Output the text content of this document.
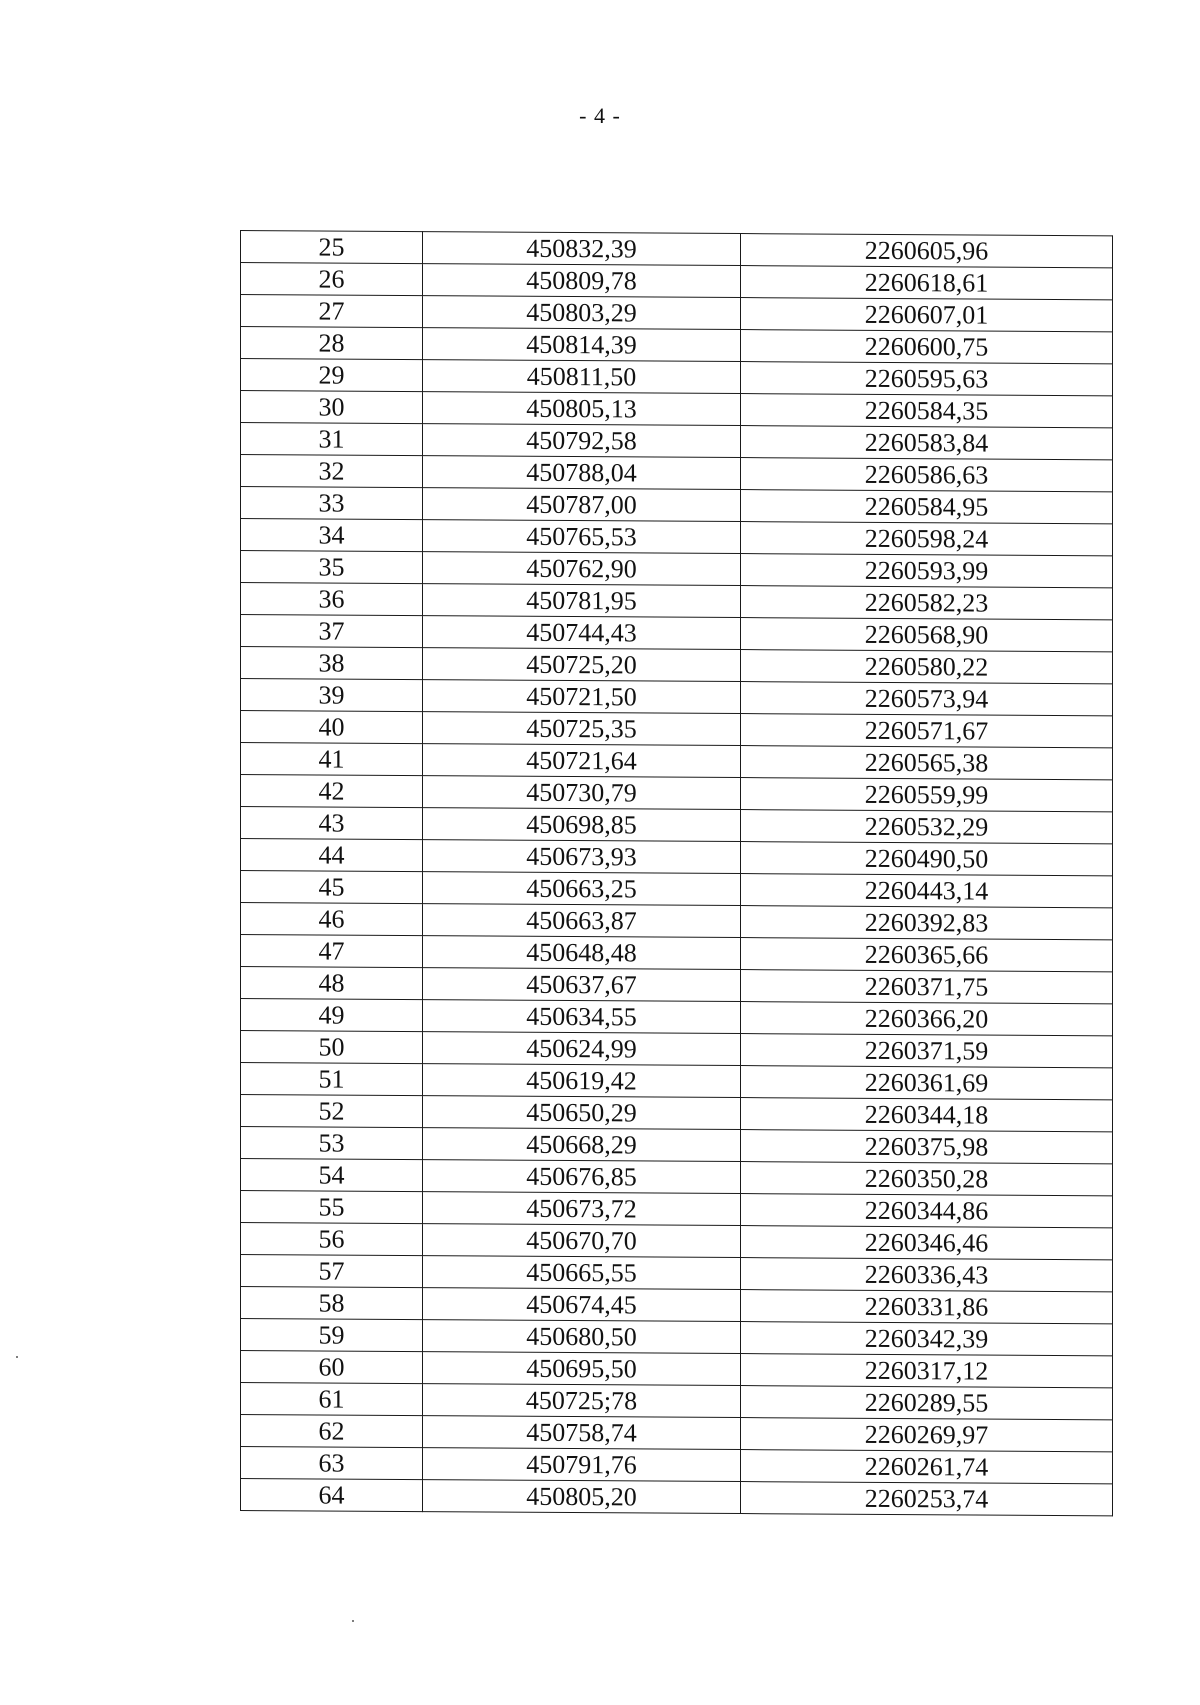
- 4 -
25	450832,39	2260605,96
26	450809,78	2260618,61
27	450803,29	2260607,01
28	450814,39	2260600,75
29	450811,50	2260595,63
30	450805,13	2260584,35
31	450792,58	2260583,84
32	450788,04	2260586,63
33	450787,00	2260584,95
34	450765,53	2260598,24
35	450762,90	2260593,99
36	450781,95	2260582,23
37	450744,43	2260568,90
38	450725,20	2260580,22
39	450721,50	2260573,94
40	450725,35	2260571,67
41	450721,64	2260565,38
42	450730,79	2260559,99
43	450698,85	2260532,29
44	450673,93	2260490,50
45	450663,25	2260443,14
46	450663,87	2260392,83
47	450648,48	2260365,66
48	450637,67	2260371,75
49	450634,55	2260366,20
50	450624,99	2260371,59
51	450619,42	2260361,69
52	450650,29	2260344,18
53	450668,29	2260375,98
54	450676,85	2260350,28
55	450673,72	2260344,86
56	450670,70	2260346,46
57	450665,55	2260336,43
58	450674,45	2260331,86
59	450680,50	2260342,39
60	450695,50	2260317,12
61	450725;78	2260289,55
62	450758,74	2260269,97
63	450791,76	2260261,74
64	450805,20	2260253,74
